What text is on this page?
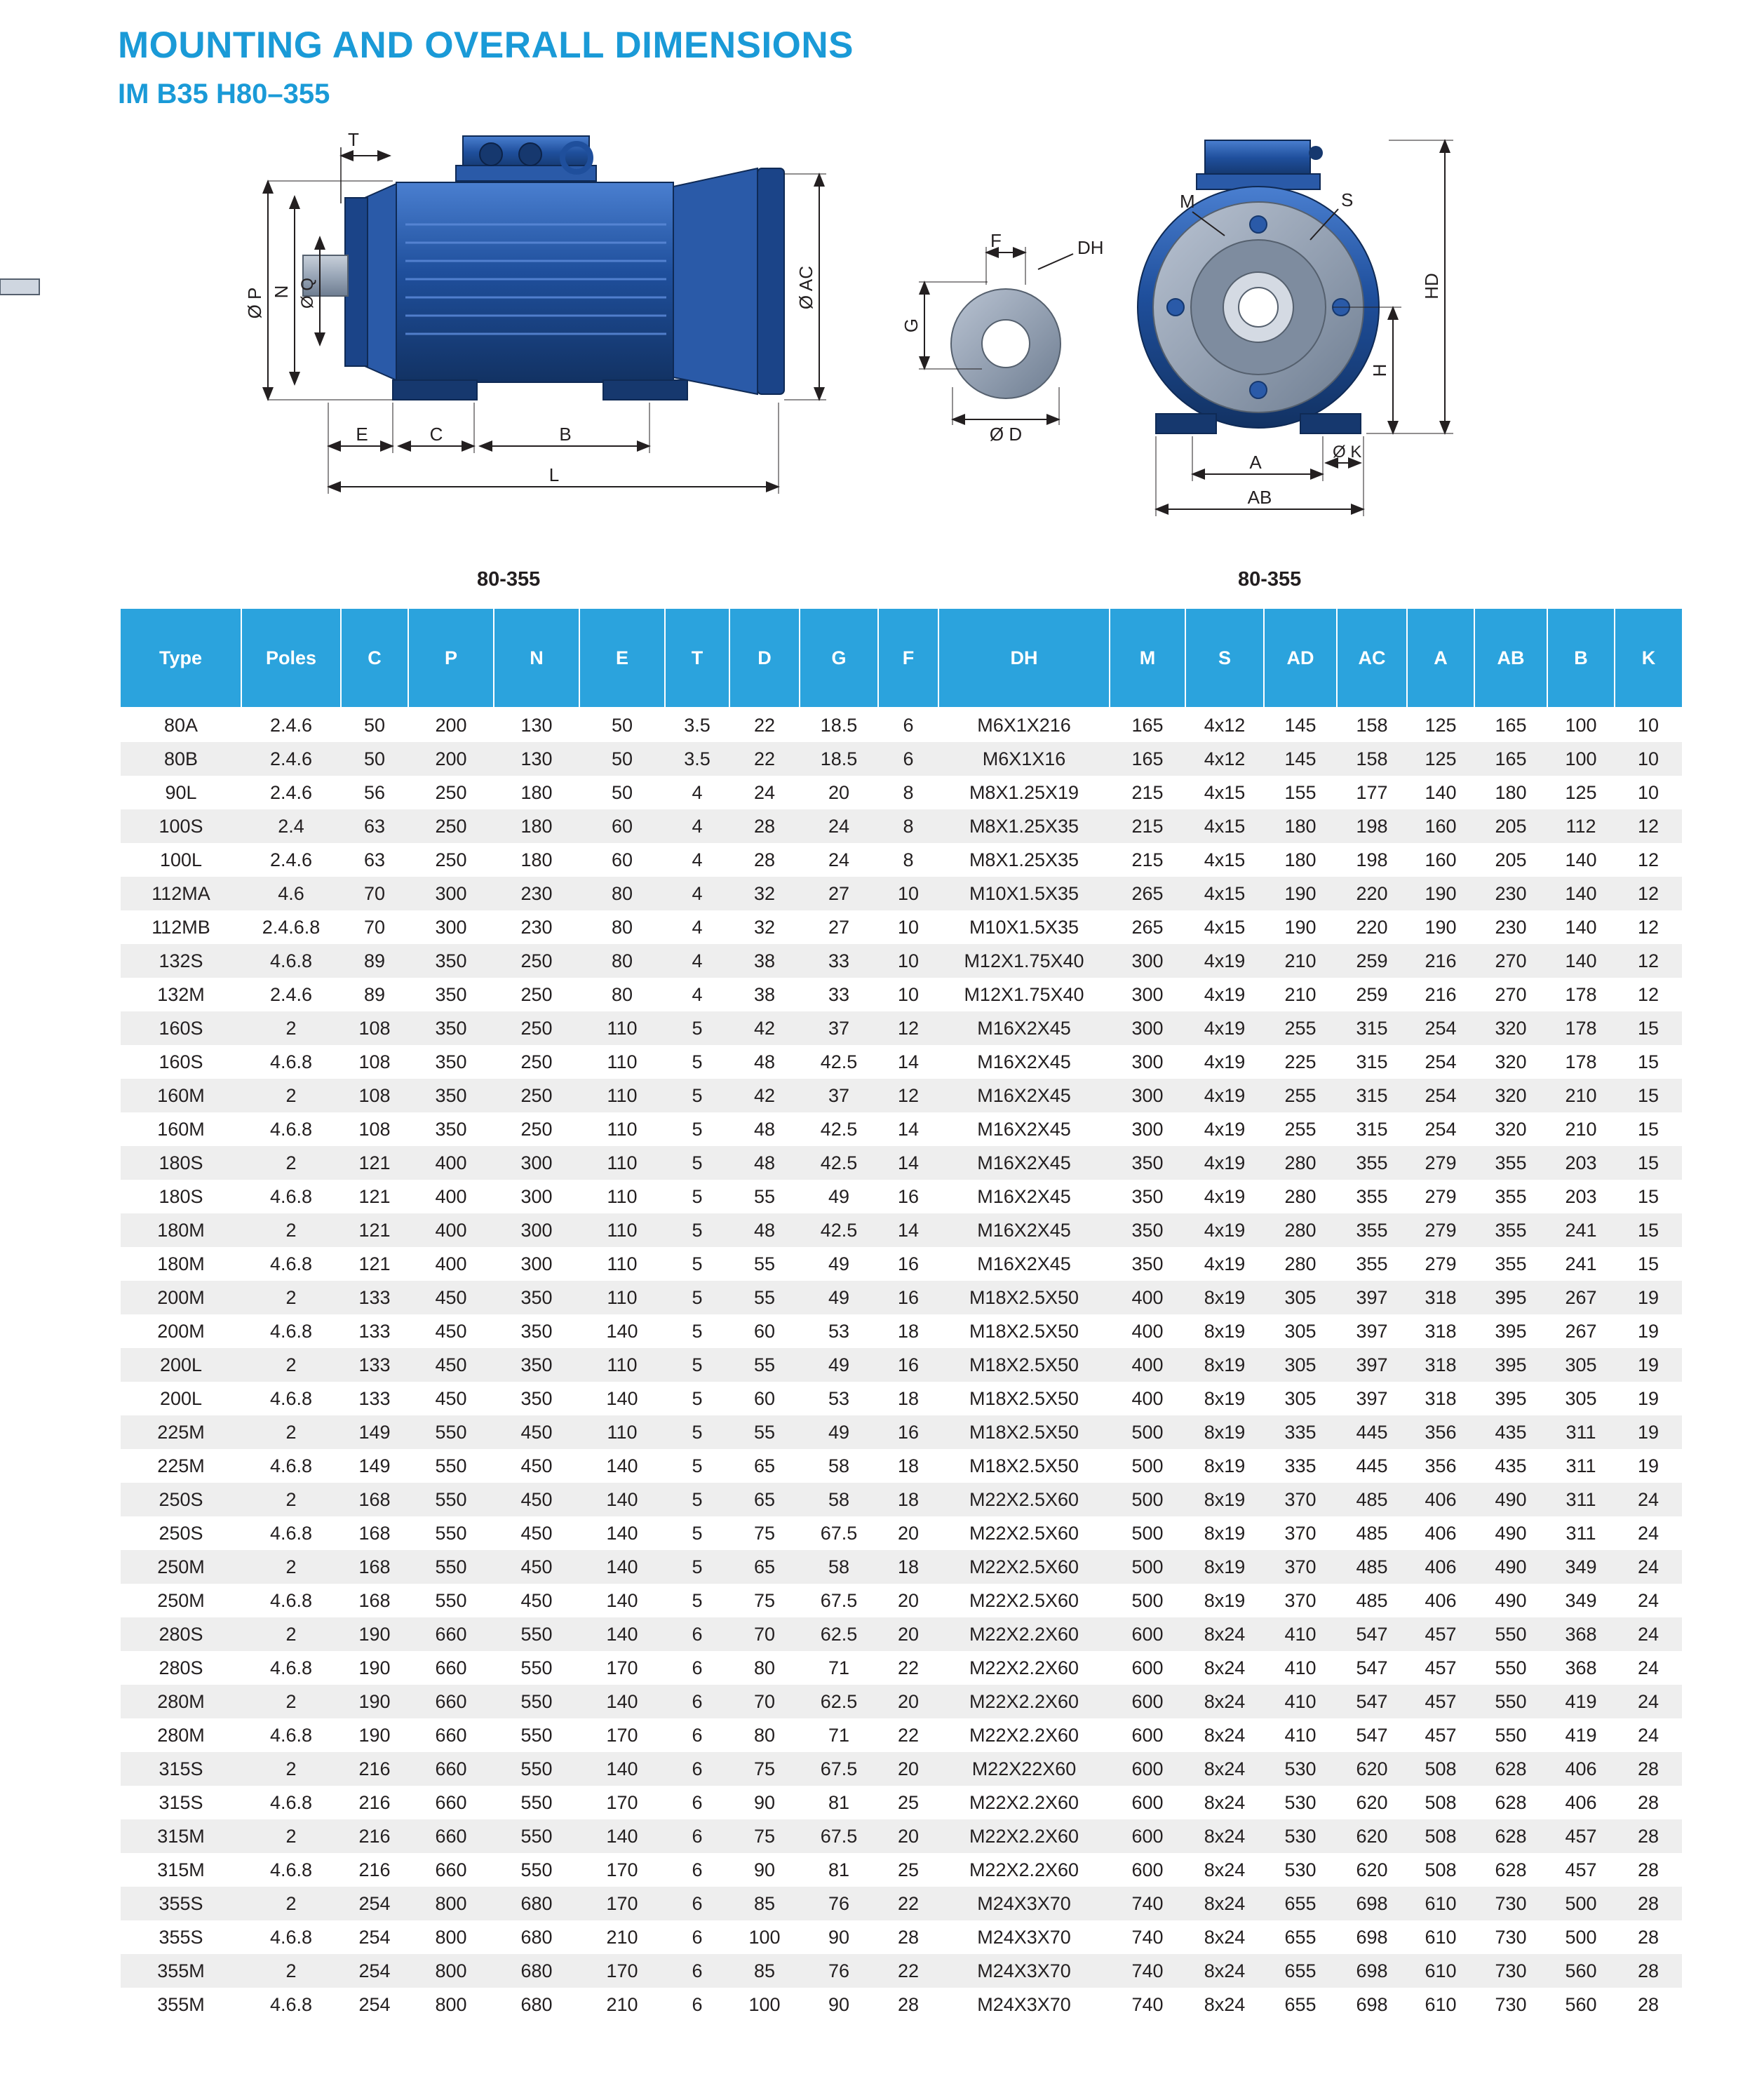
MOUNTING AND OVERALL DIMENSIONS
IM B35 H80–355
T
Ø P N Ø Q	Ø AC
E	C	B
L
F	DH
G
Ø D
M	S
HD
H
A	Ø K
AB
80-355	80-355
Type	Poles	C	P	N	E	T	D	G	F	DH	M	S	AD	AC	A	AB	B	K
80A	2.4.6	50	200	130	50	3.5	22	18.5	6	M6X1X216	165	4x12	145	158	125	165	100	10
80B	2.4.6	50	200	130	50	3.5	22	18.5	6	M6X1X16	165	4x12	145	158	125	165	100	10
90L	2.4.6	56	250	180	50	4	24	20	8	M8X1.25X19	215	4x15	155	177	140	180	125	10
100S	2.4	63	250	180	60	4	28	24	8	M8X1.25X35	215	4x15	180	198	160	205	112	12
100L	2.4.6	63	250	180	60	4	28	24	8	M8X1.25X35	215	4x15	180	198	160	205	140	12
112MA	4.6	70	300	230	80	4	32	27	10	M10X1.5X35	265	4x15	190	220	190	230	140	12
112MB	2.4.6.8	70	300	230	80	4	32	27	10	M10X1.5X35	265	4x15	190	220	190	230	140	12
132S	4.6.8	89	350	250	80	4	38	33	10	M12X1.75X40	300	4x19	210	259	216	270	140	12
132M	2.4.6	89	350	250	80	4	38	33	10	M12X1.75X40	300	4x19	210	259	216	270	178	12
160S	2	108	350	250	110	5	42	37	12	M16X2X45	300	4x19	255	315	254	320	178	15
160S	4.6.8	108	350	250	110	5	48	42.5	14	M16X2X45	300	4x19	225	315	254	320	178	15
160M	2	108	350	250	110	5	42	37	12	M16X2X45	300	4x19	255	315	254	320	210	15
160M	4.6.8	108	350	250	110	5	48	42.5	14	M16X2X45	300	4x19	255	315	254	320	210	15
180S	2	121	400	300	110	5	48	42.5	14	M16X2X45	350	4x19	280	355	279	355	203	15
180S	4.6.8	121	400	300	110	5	55	49	16	M16X2X45	350	4x19	280	355	279	355	203	15
180M	2	121	400	300	110	5	48	42.5	14	M16X2X45	350	4x19	280	355	279	355	241	15
180M	4.6.8	121	400	300	110	5	55	49	16	M16X2X45	350	4x19	280	355	279	355	241	15
200M	2	133	450	350	110	5	55	49	16	M18X2.5X50	400	8x19	305	397	318	395	267	19
200M	4.6.8	133	450	350	140	5	60	53	18	M18X2.5X50	400	8x19	305	397	318	395	267	19
200L	2	133	450	350	110	5	55	49	16	M18X2.5X50	400	8x19	305	397	318	395	305	19
200L	4.6.8	133	450	350	140	5	60	53	18	M18X2.5X50	400	8x19	305	397	318	395	305	19
225M	2	149	550	450	110	5	55	49	16	M18X2.5X50	500	8x19	335	445	356	435	311	19
225M	4.6.8	149	550	450	140	5	65	58	18	M18X2.5X50	500	8x19	335	445	356	435	311	19
250S	2	168	550	450	140	5	65	58	18	M22X2.5X60	500	8x19	370	485	406	490	311	24
250S	4.6.8	168	550	450	140	5	75	67.5	20	M22X2.5X60	500	8x19	370	485	406	490	311	24
250M	2	168	550	450	140	5	65	58	18	M22X2.5X60	500	8x19	370	485	406	490	349	24
250M	4.6.8	168	550	450	140	5	75	67.5	20	M22X2.5X60	500	8x19	370	485	406	490	349	24
280S	2	190	660	550	140	6	70	62.5	20	M22X2.2X60	600	8x24	410	547	457	550	368	24
280S	4.6.8	190	660	550	170	6	80	71	22	M22X2.2X60	600	8x24	410	547	457	550	368	24
280M	2	190	660	550	140	6	70	62.5	20	M22X2.2X60	600	8x24	410	547	457	550	419	24
280M	4.6.8	190	660	550	170	6	80	71	22	M22X2.2X60	600	8x24	410	547	457	550	419	24
315S	2	216	660	550	140	6	75	67.5	20	M22X22X60	600	8x24	530	620	508	628	406	28
315S	4.6.8	216	660	550	170	6	90	81	25	M22X2.2X60	600	8x24	530	620	508	628	406	28
315M	2	216	660	550	140	6	75	67.5	20	M22X2.2X60	600	8x24	530	620	508	628	457	28
315M	4.6.8	216	660	550	170	6	90	81	25	M22X2.2X60	600	8x24	530	620	508	628	457	28
355S	2	254	800	680	170	6	85	76	22	M24X3X70	740	8x24	655	698	610	730	500	28
355S	4.6.8	254	800	680	210	6	100	90	28	M24X3X70	740	8x24	655	698	610	730	500	28
355M	2	254	800	680	170	6	85	76	22	M24X3X70	740	8x24	655	698	610	730	560	28
355M	4.6.8	254	800	680	210	6	100	90	28	M24X3X70	740	8x24	655	698	610	730	560	28
